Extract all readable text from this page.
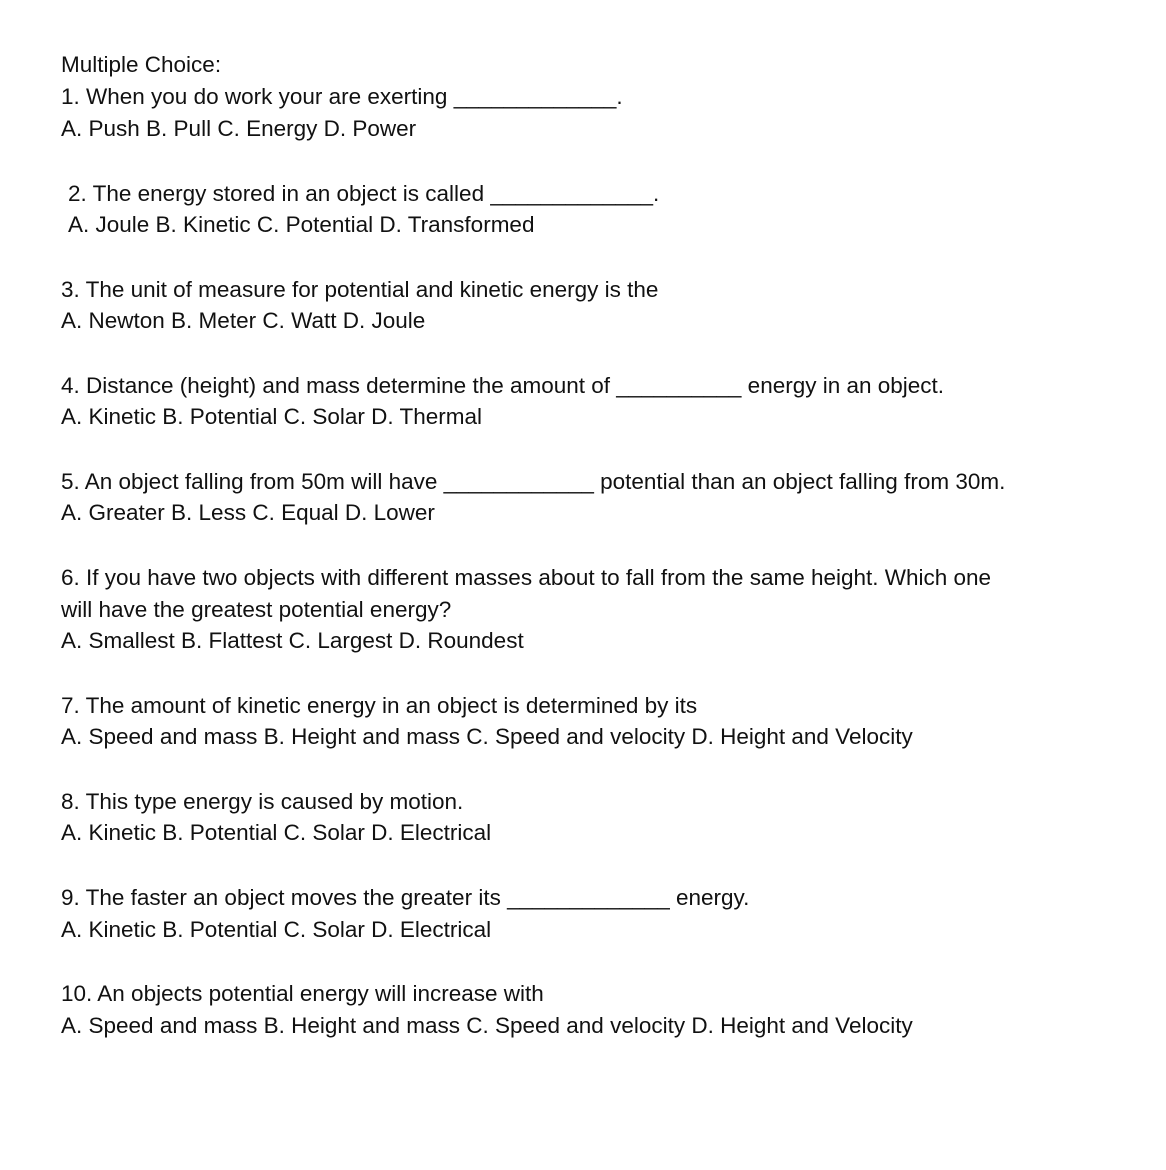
Multiple Choice:
1. When you do work your are exerting _____________.
A. Push B. Pull C. Energy D. Power
2. The energy stored in an object is called _____________.
A. Joule B. Kinetic C. Potential D. Transformed
3. The unit of measure for potential and kinetic energy is the
A. Newton B. Meter C. Watt D. Joule
4. Distance (height) and mass determine the amount of __________ energy in an object.
A. Kinetic B. Potential C. Solar D. Thermal
5. An object falling from 50m will have ____________ potential than an object falling from 30m.
A. Greater B. Less C. Equal D. Lower
6. If you have two objects with different masses about to fall from the same height. Which one
will have the greatest potential energy?
A. Smallest B. Flattest C. Largest D. Roundest
7. The amount of kinetic energy in an object is determined by its
A. Speed and mass B. Height and mass C. Speed and velocity D. Height and Velocity
8. This type energy is caused by motion.
A. Kinetic B. Potential C. Solar D. Electrical
9. The faster an object moves the greater its _____________ energy.
A. Kinetic B. Potential C. Solar D. Electrical
10. An objects potential energy will increase with
A. Speed and mass B. Height and mass C. Speed and velocity D. Height and Velocity
